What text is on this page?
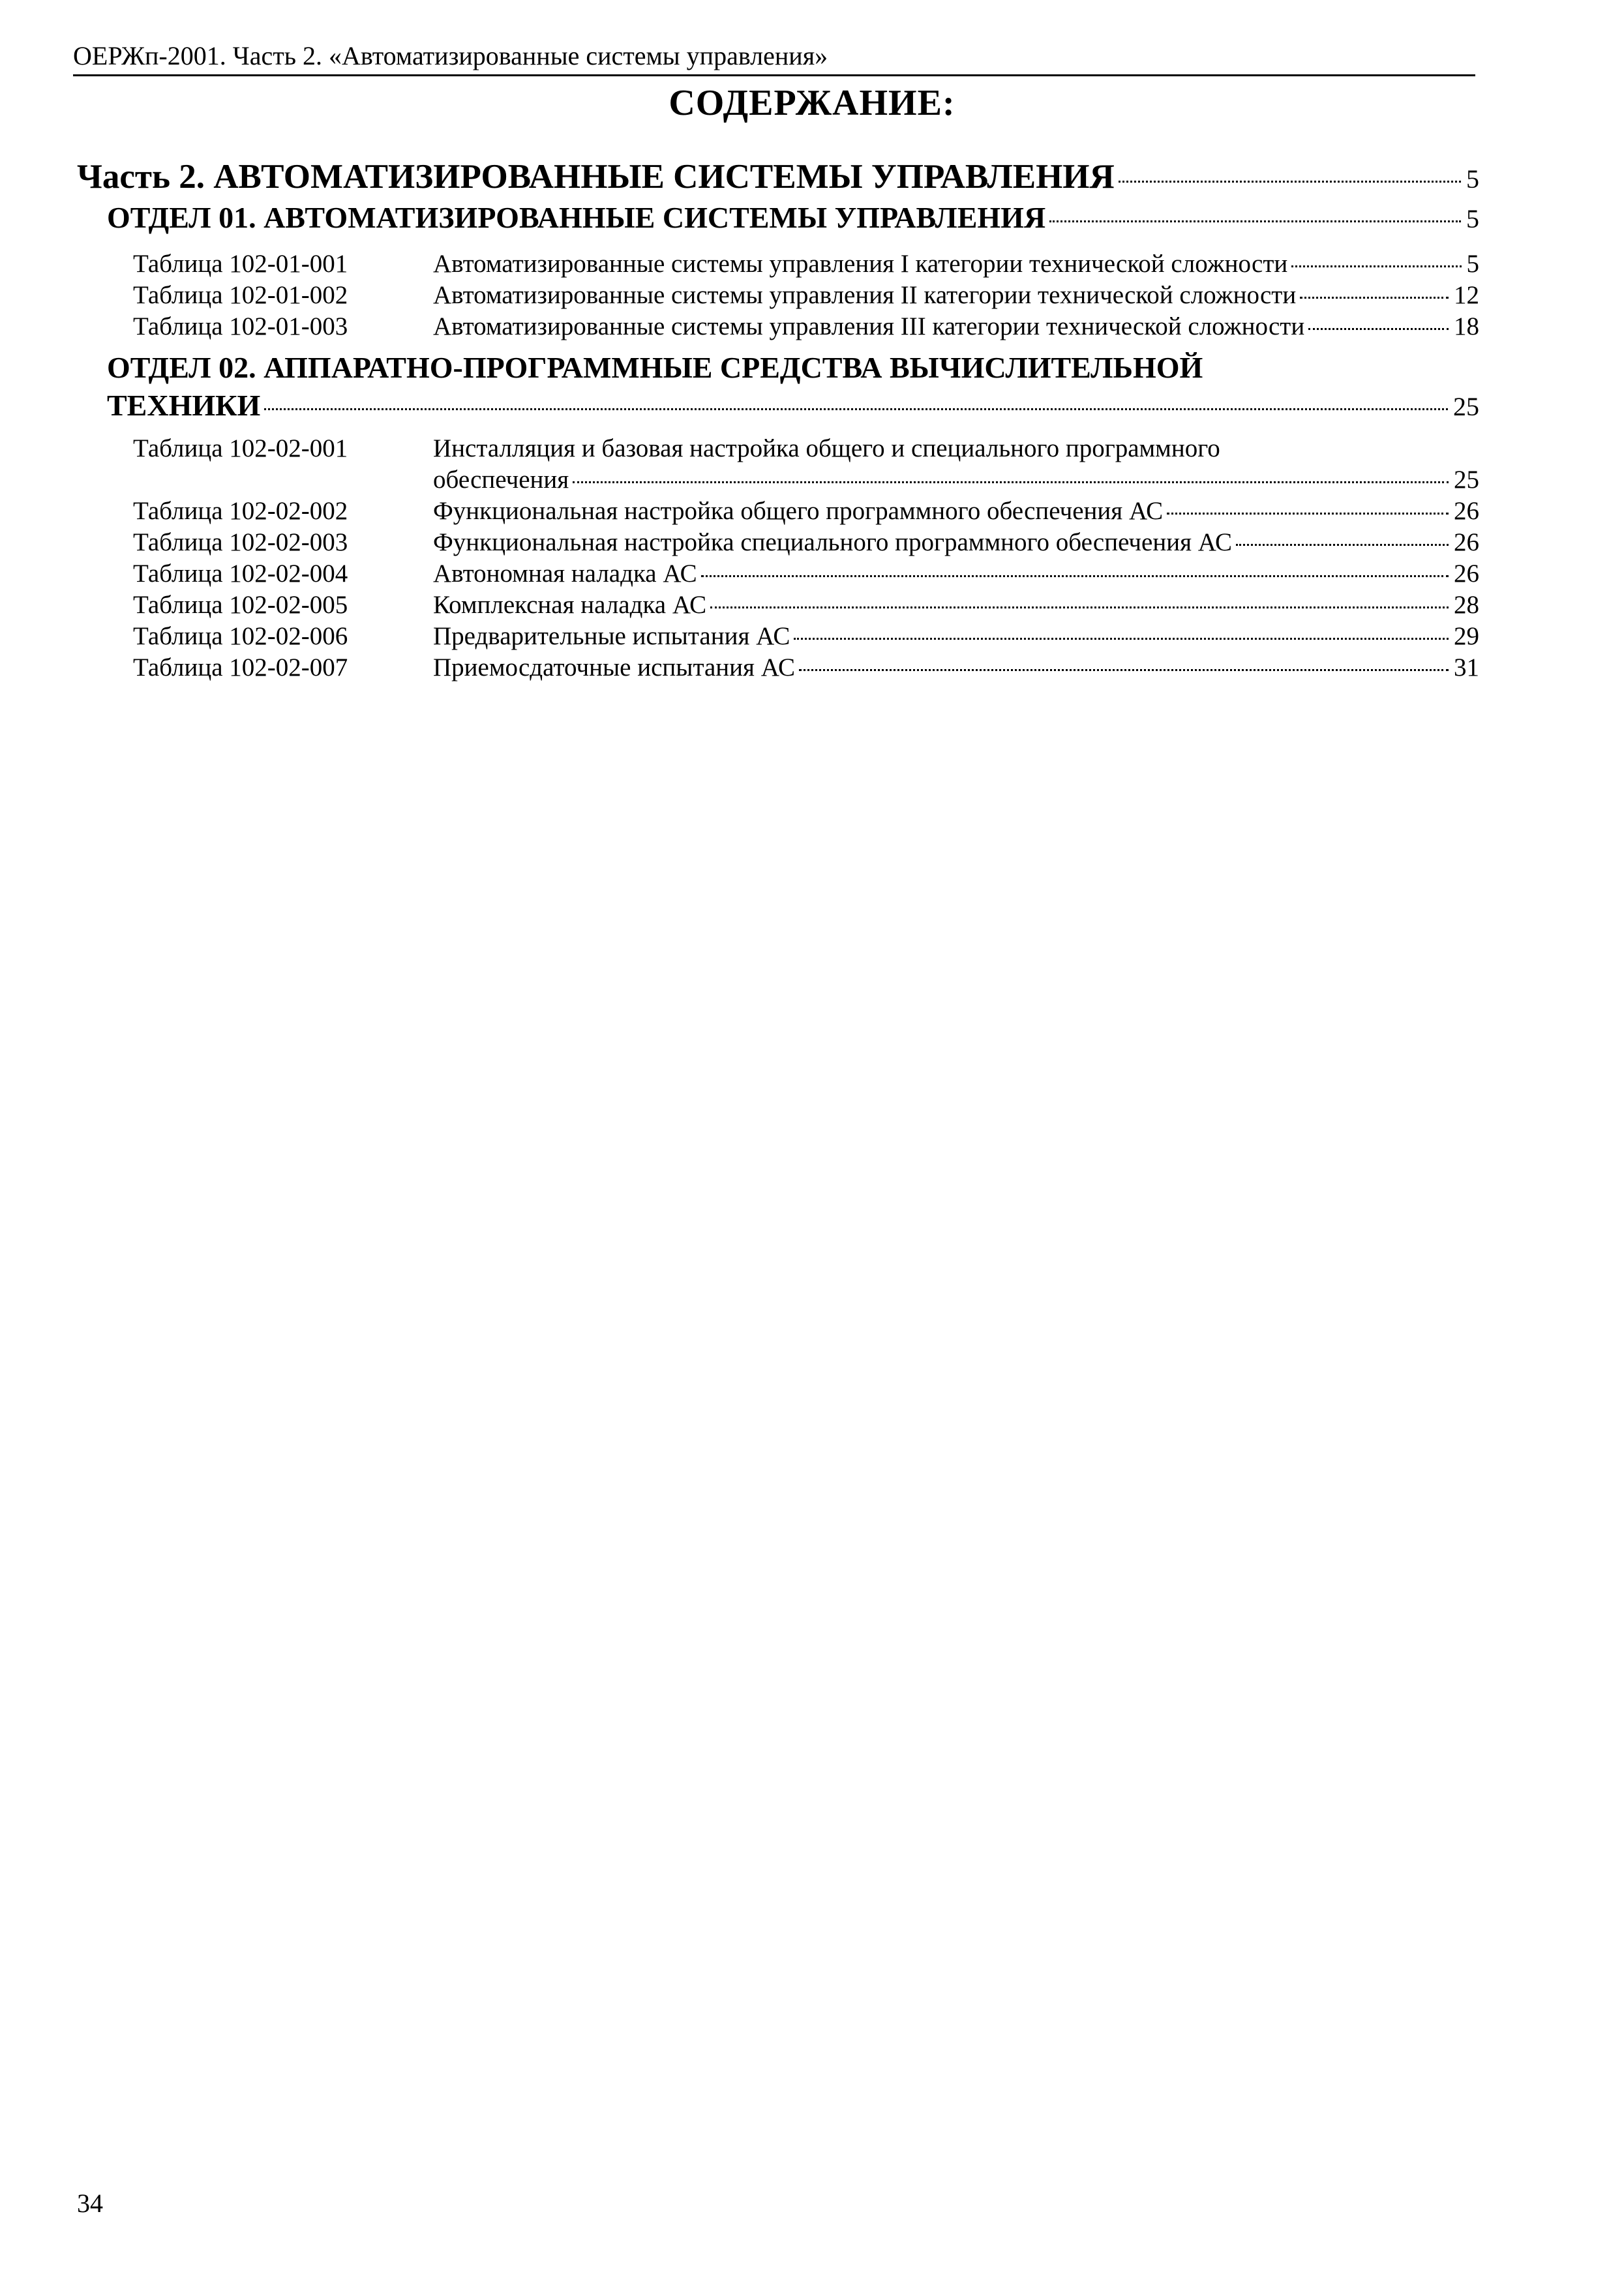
ОЕРЖп-2001. Часть 2. «Автоматизированные системы управления»
СОДЕРЖАНИЕ:
Часть 2. АВТОМАТИЗИРОВАННЫЕ СИСТЕМЫ УПРАВЛЕНИЯ	5
ОТДЕЛ 01. АВТОМАТИЗИРОВАННЫЕ СИСТЕМЫ УПРАВЛЕНИЯ	5
Таблица 102-01-001	Автоматизированные системы управления I категории технической сложности	5
Таблица 102-01-002	Автоматизированные системы управления II категории технической сложности	12
Таблица 102-01-003	Автоматизированные системы управления III категории технической сложности	18
ОТДЕЛ 02. АППАРАТНО-ПРОГРАММНЫЕ СРЕДСТВА ВЫЧИСЛИТЕЛЬНОЙ
ТЕХНИКИ	25
Таблица 102-02-001	Инсталляция и базовая настройка общего и специального программного
обеспечения	25
Таблица 102-02-002	Функциональная настройка общего программного обеспечения АС	26
Таблица 102-02-003	Функциональная настройка специального программного обеспечения АС	26
Таблица 102-02-004	Автономная наладка АС	26
Таблица 102-02-005	Комплексная наладка АС	28
Таблица 102-02-006	Предварительные испытания АС	29
Таблица 102-02-007	Приемосдаточные испытания АС	31
34
